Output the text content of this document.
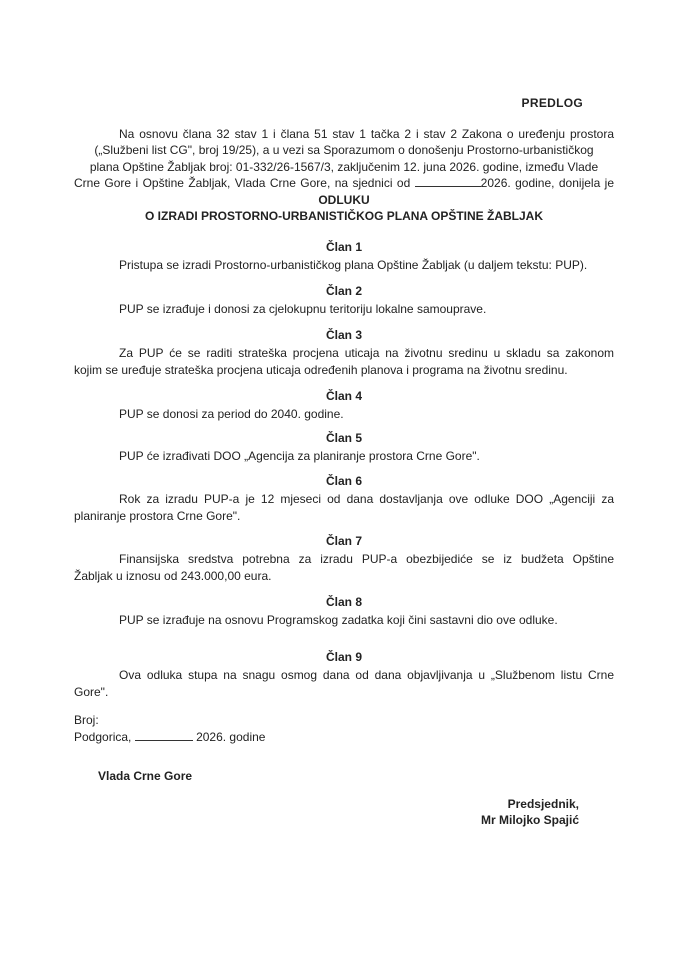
PREDLOG

Na osnovu člana 32 stav 1 i člana 51 stav 1 tačka 2 i stav 2 Zakona o uređenju prostora

(„Službeni list CG", broj 19/25), a u vezi sa Sporazumom o donošenju Prostorno-urbanističkog

plana Opštine Žabljak broj: 01-332/26-1567/3, zaključenim 12. juna 2026. godine, između Vlade

Crne Gore i Opštine Žabljak, Vlada Crne Gore, na sjednici od	2026. godine, donijela je

ODLUKU
O IZRADI PROSTORNO-URBANISTIČKOG PLANA OPŠTINE ŽABLJAK
Član 1

Pristupa se izradi Prostorno-urbanističkog plana Opštine Žabljak (u daljem tekstu: PUP).

Član 2

PUP se izrađuje i donosi za cjelokupnu teritoriju lokalne samouprave.

Član 3

Za PUP će se raditi strateška procjena uticaja na životnu sredinu u skladu sa zakonom

kojim se uređuje strateška procjena uticaja određenih planova i programa na životnu sredinu.

Član 4

PUP se donosi za period do 2040. godine.

Član 5

PUP će izrađivati DOO „Agencija za planiranje prostora Crne Gore".

Član 6

Rok za izradu PUP-a je 12 mjeseci od dana dostavljanja ove odluke DOO „Agenciji za

planiranje prostora Crne Gore".

Član 7

Finansijska sredstva potrebna za izradu PUP-a obezbijediće se iz budžeta Opštine

Žabljak u iznosu od 243.000,00 eura.

Član 8

PUP se izrađuje na osnovu Programskog zadatka koji čini sastavni dio ove odluke.

Član 9

Ova odluka stupa na snagu osmog dana od dana objavljivanja u „Službenom listu Crne

Gore".

Broj:
Podgorica,	2026. godine
Vlada Crne Gore
Predsjednik,
Mr Milojko Spajić
